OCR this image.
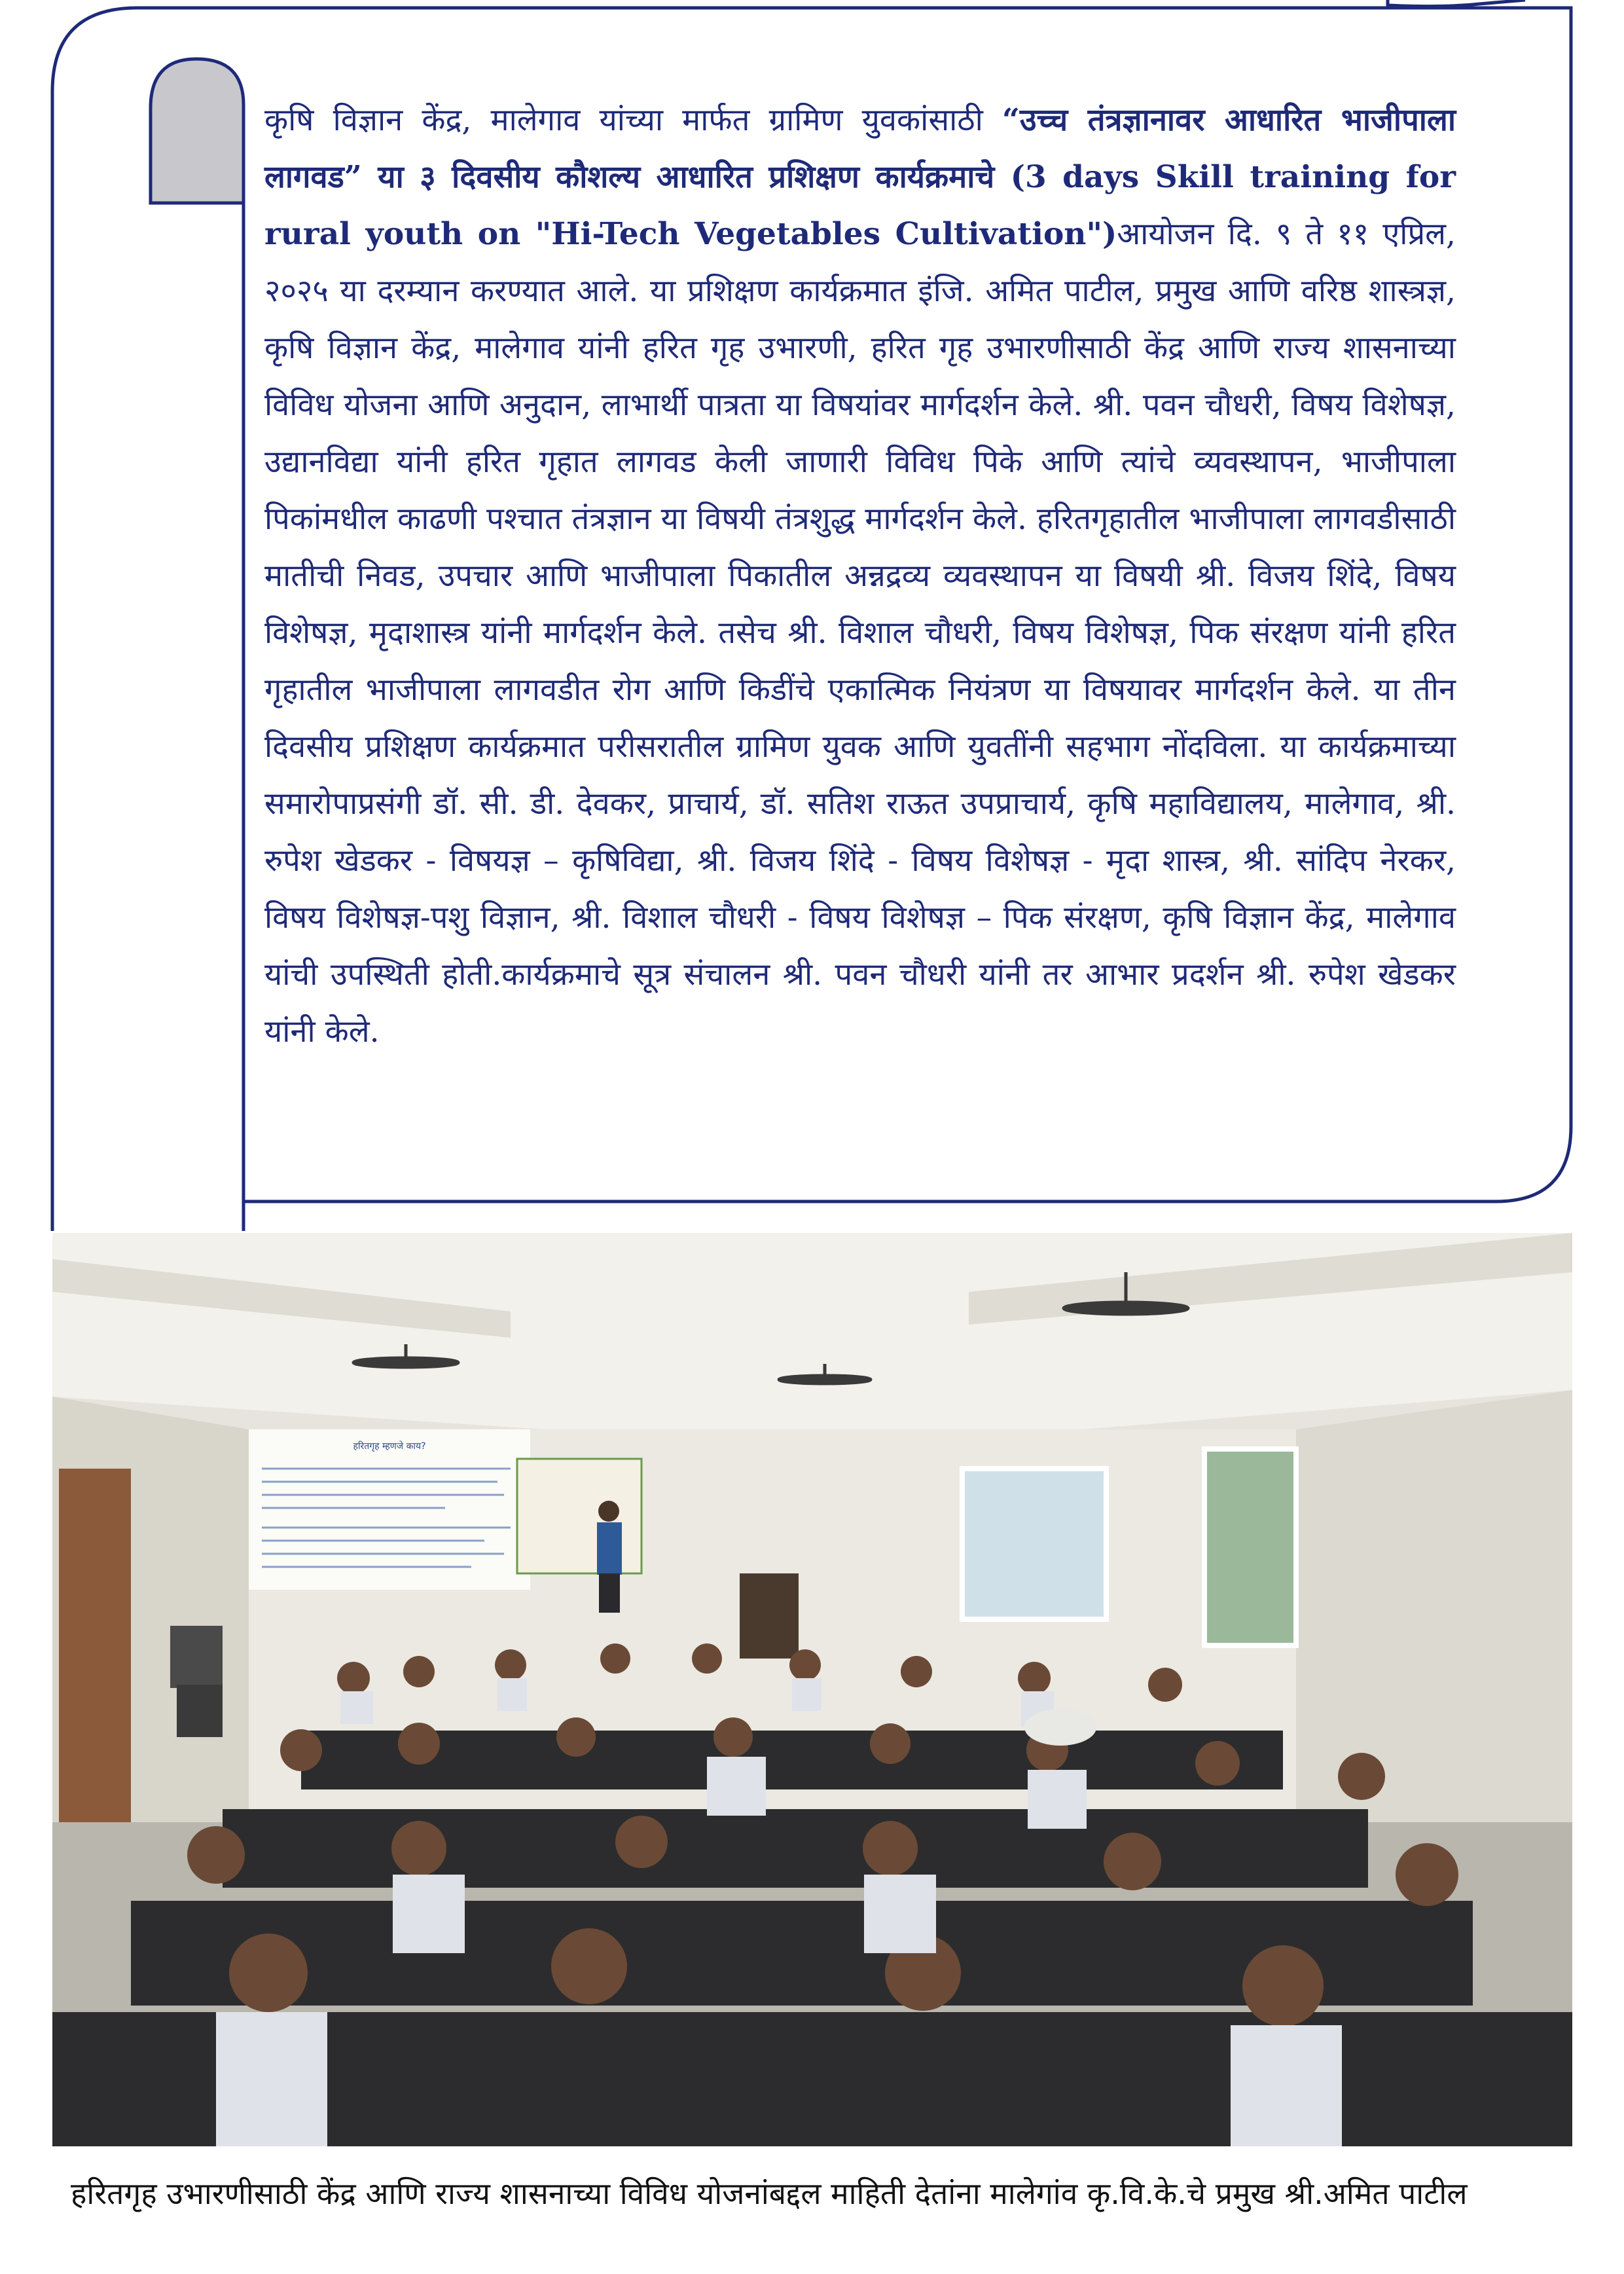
कृषि विज्ञान केंद्र, मालेगाव यांच्या मार्फत ग्रामिण युवकांसाठी “उच्च तंत्रज्ञानावर आधारित भाजीपाला लागवड” या ३ दिवसीय कौशल्य आधारित प्रशिक्षण कार्यक्रमाचे (3 days Skill training for rural youth on "Hi-Tech Vegetables Cultivation")आयोजन दि. ९ ते ११ एप्रिल, २०२५ या दरम्यान करण्यात आले. या प्रशिक्षण कार्यक्रमात इंजि. अमित पाटील, प्रमुख आणि वरिष्ठ शास्त्रज्ञ, कृषि विज्ञान केंद्र, मालेगाव यांनी हरित गृह उभारणी, हरित गृह उभारणीसाठी केंद्र आणि राज्य शासनाच्या विविध योजना आणि अनुदान, लाभार्थी पात्रता या विषयांवर मार्गदर्शन केले. श्री. पवन चौधरी, विषय विशेषज्ञ, उद्यानविद्या यांनी हरित गृहात लागवड केली जाणारी विविध पिके आणि त्यांचे व्यवस्थापन, भाजीपाला पिकांमधील काढणी पश्चात तंत्रज्ञान या विषयी तंत्रशुद्ध मार्गदर्शन केले. हरितगृहातील भाजीपाला लागवडीसाठी मातीची निवड, उपचार आणि भाजीपाला पिकातील अन्नद्रव्य व्यवस्थापन या विषयी श्री. विजय शिंदे, विषय विशेषज्ञ, मृदाशास्त्र यांनी मार्गदर्शन केले. तसेच श्री. विशाल चौधरी, विषय विशेषज्ञ, पिक संरक्षण यांनी हरित गृहातील भाजीपाला लागवडीत रोग आणि किडींचे एकात्मिक नियंत्रण या विषयावर मार्गदर्शन केले. या तीन दिवसीय प्रशिक्षण कार्यक्रमात परीसरातील ग्रामिण युवक आणि युवतींनी सहभाग नोंदविला. या कार्यक्रमाच्या समारोपाप्रसंगी डॉ. सी. डी. देवकर, प्राचार्य, डॉ. सतिश राऊत उपप्राचार्य, कृषि महाविद्यालय, मालेगाव, श्री. रुपेश खेडकर - विषयज्ञ – कृषिविद्या, श्री. विजय शिंदे - विषय विशेषज्ञ - मृदा शास्त्र, श्री. सांदिप नेरकर, विषय विशेषज्ञ-पशु विज्ञान, श्री. विशाल चौधरी - विषय विशेषज्ञ – पिक संरक्षण, कृषि विज्ञान केंद्र, मालेगाव यांची उपस्थिती होती.कार्यक्रमाचे सूत्र संचालन श्री. पवन चौधरी यांनी तर आभार प्रदर्शन श्री. रुपेश खेडकर यांनी केले.

हरितगृह म्हणजे काय?

हरितगृह उभारणीसाठी केंद्र आणि राज्य शासनाच्या विविध योजनांबद्दल माहिती देतांना मालेगांव कृ.वि.के.चे प्रमुख श्री.अमित पाटील
